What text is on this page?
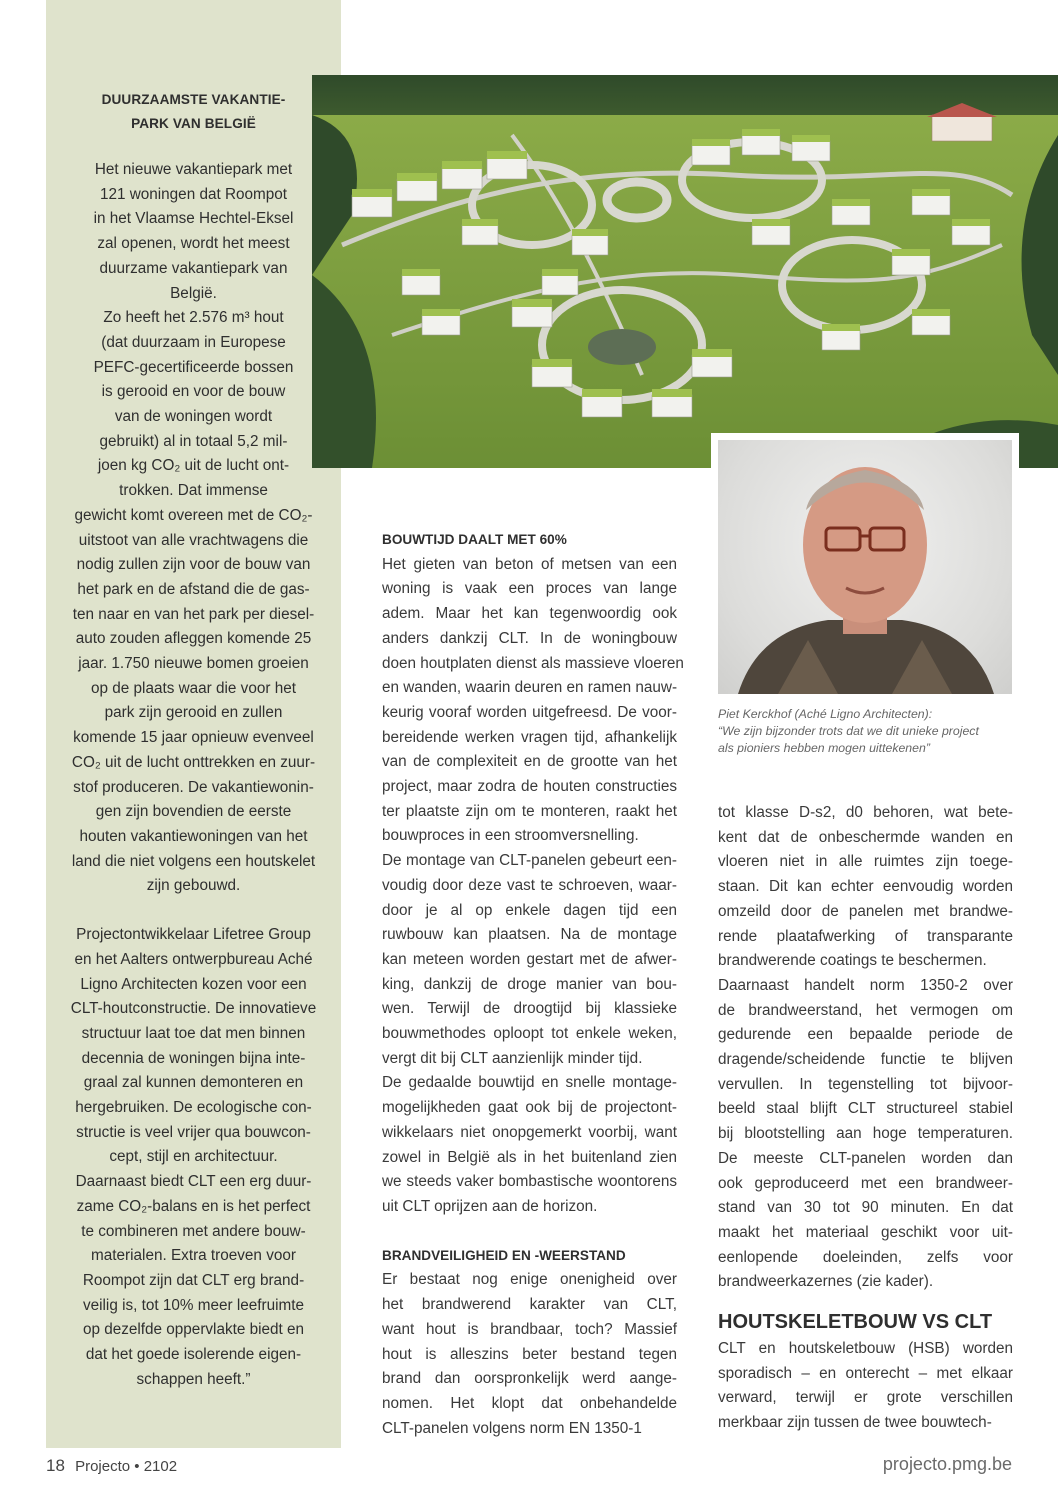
DUURZAAMSTE VAKANTIE-
PARK VAN BELGIË

Het nieuwe vakantiepark met
121 woningen dat Roompot
in het Vlaamse Hechtel-Eksel
zal openen, wordt het meest
duurzame vakantiepark van
België.
Zo heeft het 2.576 m³ hout
(dat duurzaam in Europese
PEFC-gecertificeerde bossen
is gerooid en voor de bouw
van de woningen wordt
gebruikt) al in totaal 5,2 mil-
joen kg CO₂ uit de lucht ont-
trokken. Dat immense
gewicht komt overeen met de CO₂-
uitstoot van alle vrachtwagens die
nodig zullen zijn voor de bouw van
het park en de afstand die de gas-
ten naar en van het park per diesel-
auto zouden afleggen komende 25
jaar. 1.750 nieuwe bomen groeien
op de plaats waar die voor het
park zijn gerooid en zullen
komende 15 jaar opnieuw evenveel
CO₂ uit de lucht onttrekken en zuur-
stof produceren. De vakantiewonin-
gen zijn bovendien de eerste
houten vakantiewoningen van het
land die niet volgens een houtskelet
zijn gebouwd.

Projectontwikkelaar Lifetree Group
en het Aalters ontwerpbureau Aché
Ligno Architecten kozen voor een
CLT-houtconstructie. De innovatieve
structuur laat toe dat men binnen
decennia de woningen bijna inte-
graal zal kunnen demonteren en
hergebruiken. De ecologische con-
structie is veel vrijer qua bouwcon-
cept, stijl en architectuur.
Daarnaast biedt CLT een erg duur-
zame CO₂-balans en is het perfect
te combineren met andere bouw-
materialen. Extra troeven voor
Roompot zijn dat CLT erg brand-
veilig is, tot 10% meer leefruimte
op dezelfde oppervlakte biedt en
dat het goede isolerende eigen-
schappen heeft.”

Piet Kerckhof (Aché Ligno Architecten):
“We zijn bijzonder trots dat we dit unieke project
als pioniers hebben mogen uittekenen”
BOUWTIJD DAALT MET 60%
Het gieten van beton of metsen van een
woning is vaak een proces van lange
adem. Maar het kan tegenwoordig ook
anders dankzij CLT. In de woningbouw
doen houtplaten dienst als massieve vloeren
en wanden, waarin deuren en ramen nauw-
keurig vooraf worden uitgefreesd. De voor-
bereidende werken vragen tijd, afhankelijk
van de complexiteit en de grootte van het
project, maar zodra de houten constructies
ter plaatste zijn om te monteren, raakt het
bouwproces in een stroomversnelling.
De montage van CLT-panelen gebeurt een-
voudig door deze vast te schroeven, waar-
door je al op enkele dagen tijd een
ruwbouw kan plaatsen. Na de montage
kan meteen worden gestart met de afwer-
king, dankzij de droge manier van bou-
wen. Terwijl de droogtijd bij klassieke
bouwmethodes oploopt tot enkele weken,
vergt dit bij CLT aanzienlijk minder tijd.
De gedaalde bouwtijd en snelle montage-
mogelijkheden gaat ook bij de projectont-
wikkelaars niet onopgemerkt voorbij, want
zowel in België als in het buitenland zien
we steeds vaker bombastische woontorens
uit CLT oprijzen aan de horizon.
BRANDVEILIGHEID EN -WEERSTAND
Er bestaat nog enige onenigheid over
het brandwerend karakter van CLT,
want hout is brandbaar, toch? Massief
hout is alleszins beter bestand tegen
brand dan oorspronkelijk werd aange-
nomen. Het klopt dat onbehandelde
CLT-panelen volgens norm EN 1350-1
tot klasse D-s2, d0 behoren, wat bete-
kent dat de onbeschermde wanden en
vloeren niet in alle ruimtes zijn toege-
staan. Dit kan echter eenvoudig worden
omzeild door de panelen met brandwe-
rende plaatafwerking of transparante
brandwerende coatings te beschermen.
Daarnaast handelt norm 1350-2 over
de brandweerstand, het vermogen om
gedurende een bepaalde periode de
dragende/scheidende functie te blijven
vervullen. In tegenstelling tot bijvoor-
beeld staal blijft CLT structureel stabiel
bij blootstelling aan hoge temperaturen.
De meeste CLT-panelen worden dan
ook geproduceerd met een brandweer-
stand van 30 tot 90 minuten. En dat
maakt het materiaal geschikt voor uit-
eenlopende doeleinden, zelfs voor
brandweerkazernes (zie kader).
HOUTSKELETBOUW VS CLT
CLT en houtskeletbouw (HSB) worden
sporadisch – en onterecht – met elkaar
verward, terwijl er grote verschillen
merkbaar zijn tussen de twee bouwtech-
18 Projecto • 2102	projecto.pmg.be
